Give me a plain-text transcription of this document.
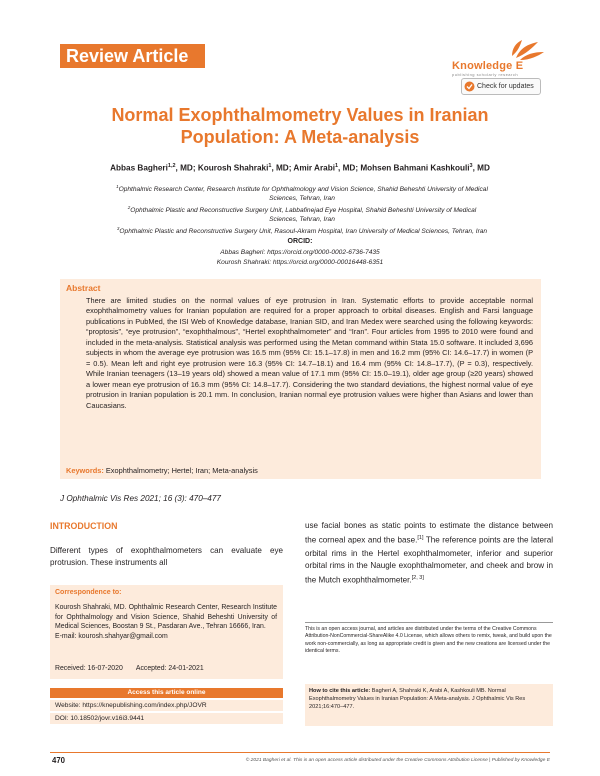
Review Article	Knowledge E
publishing scholarly research
Check for updates
Normal Exophthalmometry Values in Iranian
Population: A Meta-analysis
Abbas Bagheri$^{1,2}$, MD; Kourosh Shahraki$^1$, MD; Amir Arabi$^1$, MD; Mohsen Bahmani Kashkouli$^3$, MD
$^1$Ophthalmic Research Center, Research Institute for Ophthalmology and Vision Science, Shahid Beheshti University of Medical
Sciences, Tehran, Iran
$^2$Ophthalmic Plastic and Reconstructive Surgery Unit, Labbafinejad Eye Hospital, Shahid Beheshti University of Medical
Sciences, Tehran, Iran
$^3$Ophthalmic Plastic and Reconstructive Surgery Unit, Rasoul-Akram Hospital, Iran University of Medical Sciences, Tehran, Iran
ORCID:
Abbas Bagheri: https://orcid.org/0000-0002-6736-7435
Kourosh Shahraki: https://orcid.org/0000-00016448-6351
Abstract
There are limited studies on the normal values of eye protrusion in Iran. Systematic efforts to provide acceptable normal exophthalmometry values for Iranian population are required for a proper approach to orbital diseases. English and Farsi language publications in PubMed, the ISI Web of Knowledge database, Iranian SID, and Iran Medex were searched using the following keywords: “proptosis”, “eye protrusion”, “exophthalmous”, “Hertel exophthalmometer” and “Iran”. Four articles from 1995 to 2010 were found and included in the meta-analysis. Statistical analysis was performed using the Metan command within Stata 15.0 software. It included 3,696 subjects in whom the average eye protrusion was 16.5 mm (95% CI: 15.1–17.8) in men and 16.2 mm (95% CI: 14.6–17.7) in women (P = 0.5). Mean left and right eye protrusion were 16.3 (95% CI: 14.7–18.1) and 16.4 mm (95% CI: 14.8–17.7), (P = 0.3), respectively. While Iranian teenagers (13–19 years old) showed a mean value of 17.1 mm (95% CI: 15.0–19.1), older age group (≥20 years) showed a lower mean eye protrusion of 16.3 mm (95% CI: 14.8–17.7). Considering the two standard deviations, the highest normal value of eye protrusion in Iranian population is 20.1 mm. In conclusion, Iranian normal eye protrusion values were higher than Asians and lower than Caucasians.
Keywords: Exophthalmometry; Hertel; Iran; Meta-analysis
J Ophthalmic Vis Res 2021; 16 (3): 470–477
INTRODUCTION
Different types of exophthalmometers can evaluate eye protrusion. These instruments all
Correspondence to:
Kourosh Shahraki, MD. Ophthalmic Research Center, Research Institute for Ophthalmology and Vision Science, Shahid Beheshti University of Medical Sciences, Boostan 9 St., Pasdaran Ave., Tehran 16666, Iran.
E-mail: kourosh.shahyar@gmail.com
Received: 16-07-2020 Accepted: 24-01-2021
Access this article online
Website: https://knepublishing.com/index.php/JOVR
DOI: 10.18502/jovr.v16i3.9441
use facial bones as static points to estimate the distance between the corneal apex and the base.[1] The reference points are the lateral orbital rims in the Hertel exophthalmometer, inferior and superior orbital rims in the Naugle exophthalmometer, and cheek and brow in the Mutch exophthalmometer.[2, 3]
This is an open access journal, and articles are distributed under the terms of the Creative Commons Attribution-NonCommercial-ShareAlike 4.0 License, which allows others to remix, tweak, and build upon the work non-commercially, as long as appropriate credit is given and the new creations are licensed under the identical terms.
How to cite this article: Bagheri A, Shahraki K, Arabi A, Kashkouli MB. Normal Exophthalmometry Values in Iranian Population: A Meta-analysis. J Ophthalmic Vis Res 2021;16:470–477.
470	© 2021 Bagheri et al. This is an open access article distributed under the Creative Commons Attribution License | Published by Knowledge E
